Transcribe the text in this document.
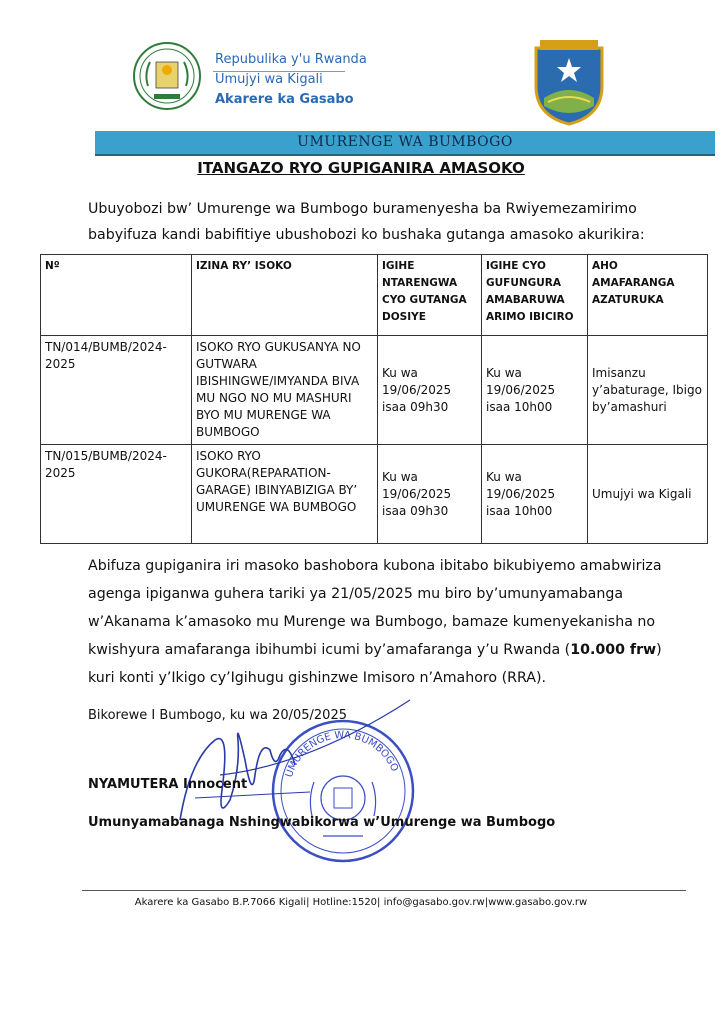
Repubulika y'u Rwanda
Umujyi wa Kigali
Akarere ka Gasabo
UMURENGE WA BUMBOGO
ITANGAZO RYO GUPIGANIRA AMASOKO
Ubuyobozi bw’ Umurenge wa Bumbogo buramenyesha ba Rwiyemezamirimo
babyifuza kandi babifitiye ubushobozi ko bushaka gutanga amasoko akurikira:
Nº	IZINA RY’ ISOKO	IGIHE NTARENGWA CYO GUTANGA DOSIYE	IGIHE CYO GUFUNGURA AMABARUWA ARIMO IBICIRO	AHO AMAFARANGA AZATURUKA
TN/014/BUMB/2024-2025	ISOKO RYO GUKUSANYA NO GUTWARA IBISHINGWE/IMYANDA BIVA MU NGO NO MU MASHURI BYO MU MURENGE WA BUMBOGO	Ku wa 19/06/2025 isaa 09h30	Ku wa 19/06/2025 isaa 10h00	Imisanzu y’abaturage, Ibigo by’amashuri
TN/015/BUMB/2024-2025	ISOKO RYO GUKORA(REPARATION-GARAGE) IBINYABIZIGA BY’ UMURENGE WA BUMBOGO	Ku wa 19/06/2025 isaa 09h30	Ku wa 19/06/2025 isaa 10h00	Umujyi wa Kigali
Abifuza gupiganira iri masoko bashobora kubona ibitabo bikubiyemo amabwiriza agenga ipiganwa guhera tariki ya 21/05/2025 mu biro by’umunyamabanga w’Akanama k’amasoko mu Murenge wa Bumbogo, bamaze kumenyekanisha no kwishyura amafaranga ibihumbi icumi by’amafaranga y’u Rwanda (10.000 frw) kuri konti y’Ikigo cy’Igihugu gishinzwe Imisoro n’Amahoro (RRA).
UMURENGE WA BUMBOGO
Bikorewe I Bumbogo, ku wa 20/05/2025
NYAMUTERA Innocent
Umunyamabanaga Nshingwabikorwa w’Umurenge wa Bumbogo
Akarere ka Gasabo B.P.7066 Kigali| Hotline:1520| info@gasabo.gov.rw|www.gasabo.gov.rw
